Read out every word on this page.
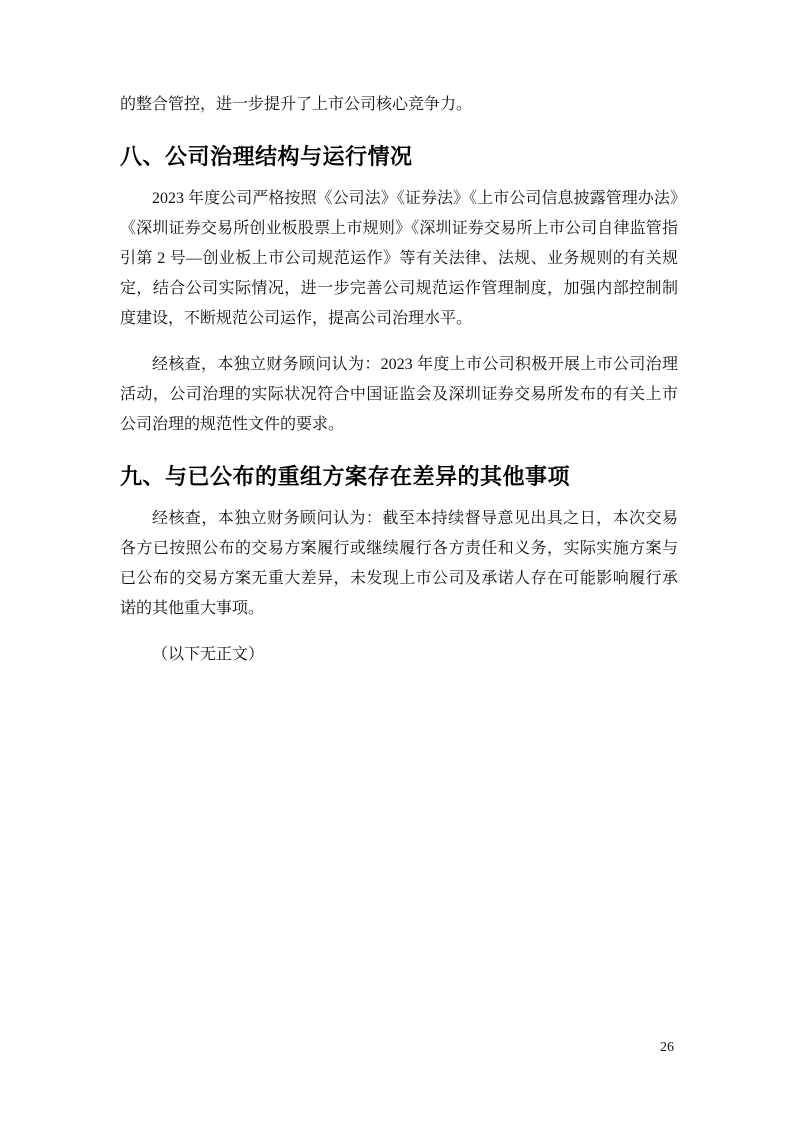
的整合管控，进一步提升了上市公司核心竞争力。

八、公司治理结构与运行情况

2023 年度公司严格按照《公司法》《证券法》《上市公司信息披露管理办法》《深圳证券交易所创业板股票上市规则》《深圳证券交易所上市公司自律监管指引第 2 号—创业板上市公司规范运作》等有关法律、法规、业务规则的有关规定，结合公司实际情况，进一步完善公司规范运作管理制度，加强内部控制制度建设，不断规范公司运作，提高公司治理水平。

经核查，本独立财务顾问认为：2023 年度上市公司积极开展上市公司治理活动，公司治理的实际状况符合中国证监会及深圳证券交易所发布的有关上市公司治理的规范性文件的要求。

九、与已公布的重组方案存在差异的其他事项

经核查，本独立财务顾问认为：截至本持续督导意见出具之日，本次交易各方已按照公布的交易方案履行或继续履行各方责任和义务，实际实施方案与已公布的交易方案无重大差异，未发现上市公司及承诺人存在可能影响履行承诺的其他重大事项。

（以下无正文）

26
